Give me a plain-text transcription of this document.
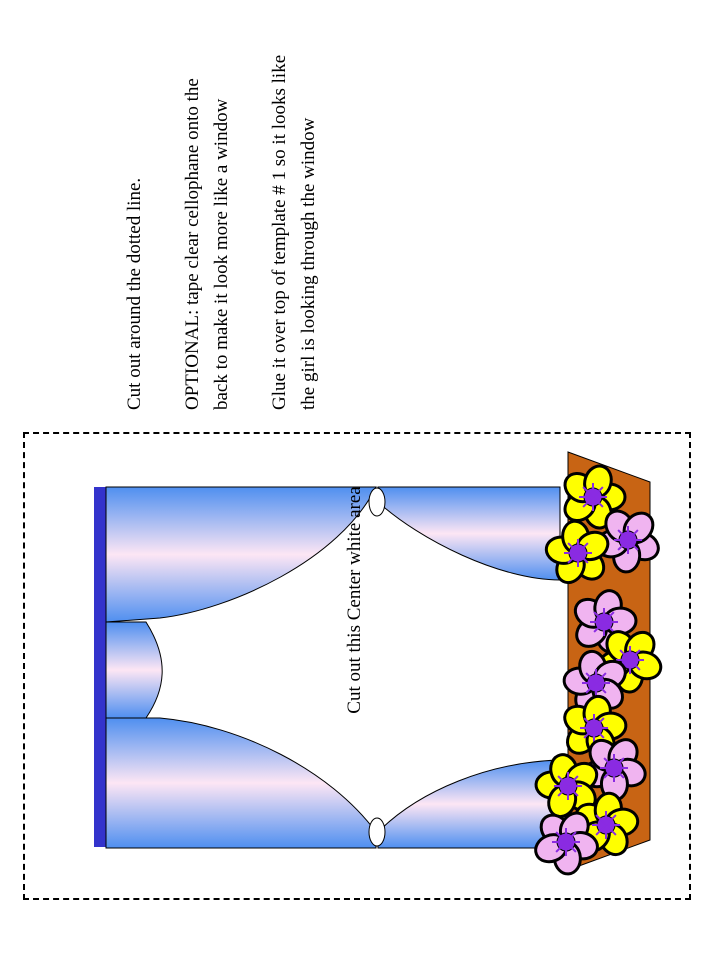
Cut out around the dotted line. OPTIONAL: tape clear cellophane onto the back to make it look more like a window Glue it over top of template # 1 so it looks like the girl is looking through the window

Cut out this Center white area
